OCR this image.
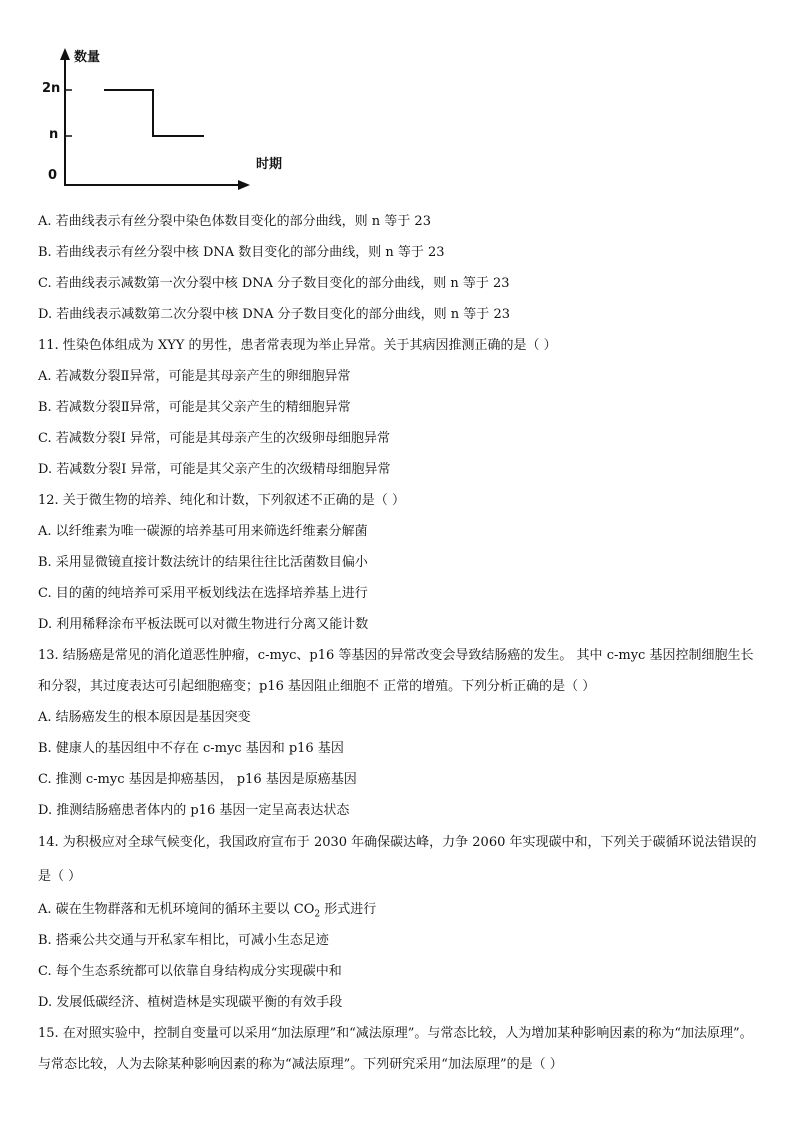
数量
2n
n
0
时期
A. 若曲线表示有丝分裂中染色体数目变化的部分曲线，则 n 等于 23
B. 若曲线表示有丝分裂中核 DNA 数目变化的部分曲线，则 n 等于 23
C. 若曲线表示减数第一次分裂中核 DNA 分子数目变化的部分曲线，则 n 等于 23
D. 若曲线表示减数第二次分裂中核 DNA 分子数目变化的部分曲线，则 n 等于 23
11. 性染色体组成为 XYY 的男性，患者常表现为举止异常。关于其病因推测正确的是（ ）
A. 若减数分裂Ⅱ异常，可能是其母亲产生的卵细胞异常
B. 若减数分裂Ⅱ异常，可能是其父亲产生的精细胞异常
C. 若减数分裂Ⅰ 异常，可能是其母亲产生的次级卵母细胞异常
D. 若减数分裂Ⅰ 异常，可能是其父亲产生的次级精母细胞异常
12. 关于微生物的培养、纯化和计数，下列叙述不正确的是（ ）
A. 以纤维素为唯一碳源的培养基可用来筛选纤维素分解菌
B. 采用显微镜直接计数法统计的结果往往比活菌数目偏小
C. 目的菌的纯培养可采用平板划线法在选择培养基上进行
D. 利用稀释涂布平板法既可以对微生物进行分离又能计数
13. 结肠癌是常见的消化道恶性肿瘤，c-myc、p16 等基因的异常改变会导致结肠癌的发生。 其中 c-myc 基因控制细胞生长和分裂，其过度表达可引起细胞癌变；p16 基因阻止细胞不 正常的增殖。下列分析正确的是（ ）
A. 结肠癌发生的根本原因是基因突变
B. 健康人的基因组中不存在 c-myc 基因和 p16 基因
C. 推测 c-myc 基因是抑癌基因， p16 基因是原癌基因
D. 推测结肠癌患者体内的 p16 基因一定呈高表达状态
14. 为积极应对全球气候变化，我国政府宣布于 2030 年确保碳达峰，力争 2060 年实现碳中和，下列关于碳循环说法错误的是（ ）
A. 碳在生物群落和无机环境间的循环主要以 $CO_2$ 形式进行
B. 搭乘公共交通与开私家车相比，可减小生态足迹
C. 每个生态系统都可以依靠自身结构成分实现碳中和
D. 发展低碳经济、植树造林是实现碳平衡的有效手段
15. 在对照实验中，控制自变量可以采用“加法原理”和“减法原理”。与常态比较，人为增加某种影响因素的称为“加法原理”。与常态比较，人为去除某种影响因素的称为“减法原理”。下列研究采用“加法原理”的是（ ）
